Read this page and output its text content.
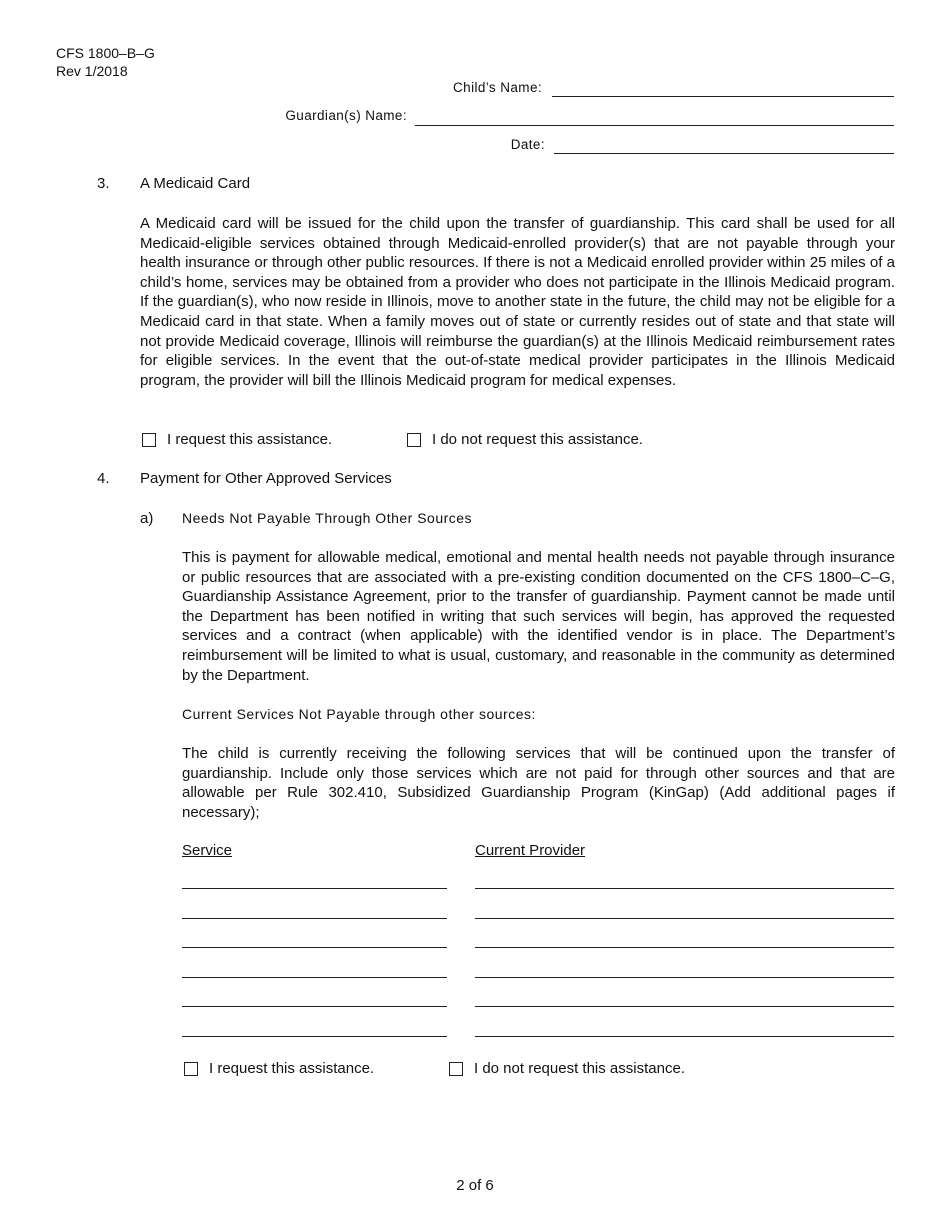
CFS 1800–B–G
Rev 1/2018
Child’s Name:
Guardian(s) Name:
Date:
3. A Medicaid Card
A Medicaid card will be issued for the child upon the transfer of guardianship. This card shall be used for all Medicaid-eligible services obtained through Medicaid-enrolled provider(s) that are not payable through your health insurance or through other public resources. If there is not a Medicaid enrolled provider within 25 miles of a child’s home, services may be obtained from a provider who does not participate in the Illinois Medicaid program. If the guardian(s), who now reside in Illinois, move to another state in the future, the child may not be eligible for a Medicaid card in that state. When a family moves out of state or currently resides out of state and that state will not provide Medicaid coverage, Illinois will reimburse the guardian(s) at the Illinois Medicaid reimbursement rates for eligible services. In the event that the out-of-state medical provider participates in the Illinois Medicaid program, the provider will bill the Illinois Medicaid program for medical expenses.
I request this assistance.	I do not request this assistance.
4. Payment for Other Approved Services
a) Needs Not Payable Through Other Sources
This is payment for allowable medical, emotional and mental health needs not payable through insurance or public resources that are associated with a pre-existing condition documented on the CFS 1800–C–G, Guardianship Assistance Agreement, prior to the transfer of guardianship. Payment cannot be made until the Department has been notified in writing that such services will begin, has approved the requested services and a contract (when applicable) with the identified vendor is in place. The Department’s reimbursement will be limited to what is usual, customary, and reasonable in the community as determined by the Department.
Current Services Not Payable through other sources:
The child is currently receiving the following services that will be continued upon the transfer of guardianship. Include only those services which are not paid for through other sources and that are allowable per Rule 302.410, Subsidized Guardianship Program (KinGap) (Add additional pages if necessary);
Service	Current Provider
I request this assistance.	I do not request this assistance.
2 of 6
